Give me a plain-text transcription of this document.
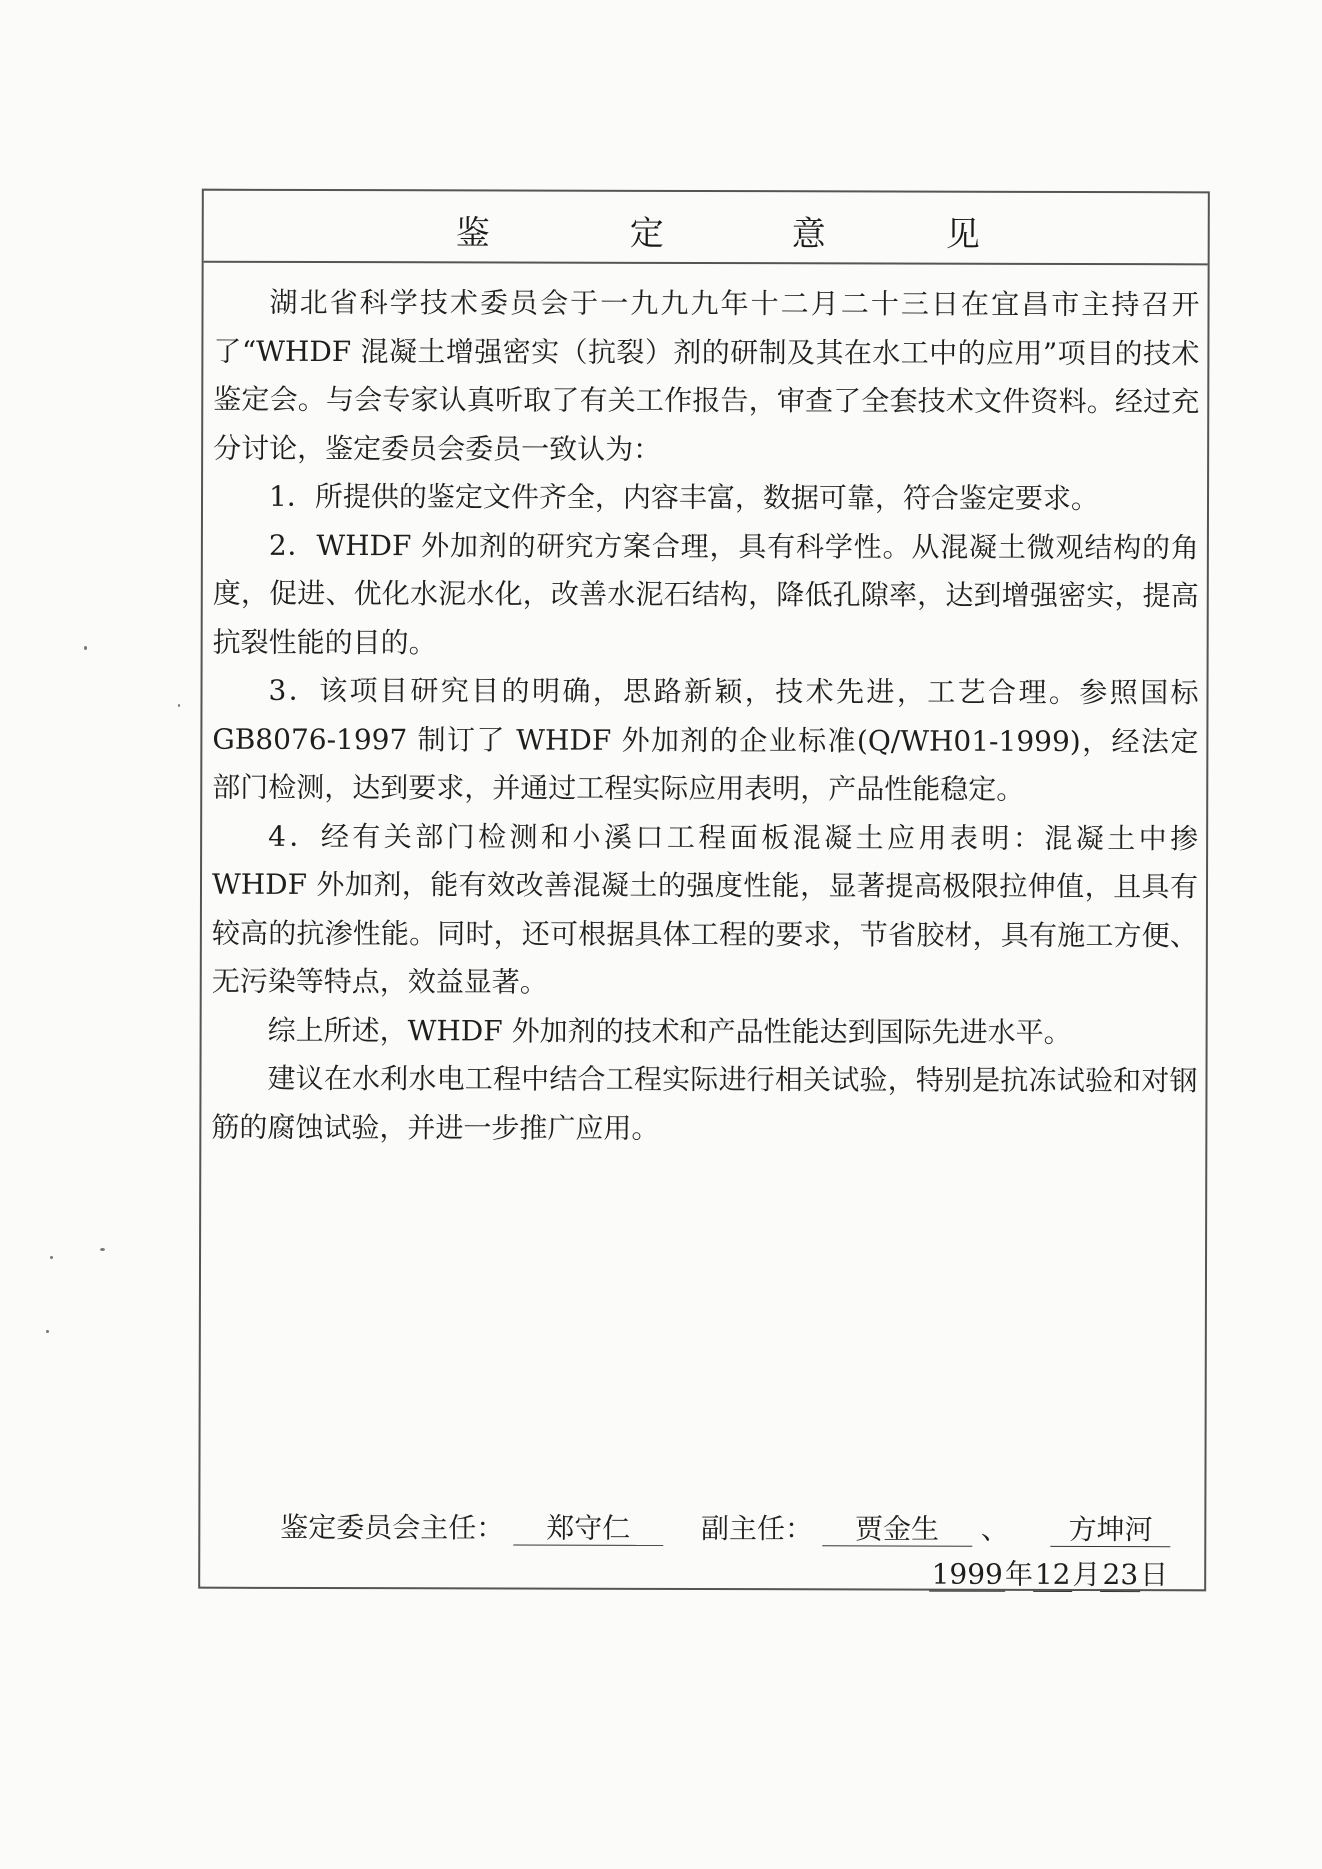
鉴	定	意	见

湖北省科学技术委员会于一九九九年十二月二十三日在宜昌市主持召开了“WHDF 混凝土增强密实（抗裂）剂的研制及其在水工中的应用”项目的技术鉴定会。与会专家认真听取了有关工作报告，审查了全套技术文件资料。经过充分讨论，鉴定委员会委员一致认为：

1．所提供的鉴定文件齐全，内容丰富，数据可靠，符合鉴定要求。

2．WHDF 外加剂的研究方案合理，具有科学性。从混凝土微观结构的角度，促进、优化水泥水化，改善水泥石结构，降低孔隙率，达到增强密实，提高抗裂性能的目的。

3．该项目研究目的明确，思路新颖，技术先进，工艺合理。参照国标 GB8076-1997 制订了 WHDF 外加剂的企业标准(Q/WH01-1999)，经法定部门检测，达到要求，并通过工程实际应用表明，产品性能稳定。

4．经有关部门检测和小溪口工程面板混凝土应用表明：混凝土中掺 WHDF 外加剂，能有效改善混凝土的强度性能，显著提高极限拉伸值，且具有较高的抗渗性能。同时，还可根据具体工程的要求，节省胶材，具有施工方便、无污染等特点，效益显著。

综上所述，WHDF 外加剂的技术和产品性能达到国际先进水平。

建议在水利水电工程中结合工程实际进行相关试验，特别是抗冻试验和对钢筋的腐蚀试验，并进一步推广应用。

鉴定委员会主任： 郑守仁	副主任： 贾金生 、 方坤河
1999年12月23日
